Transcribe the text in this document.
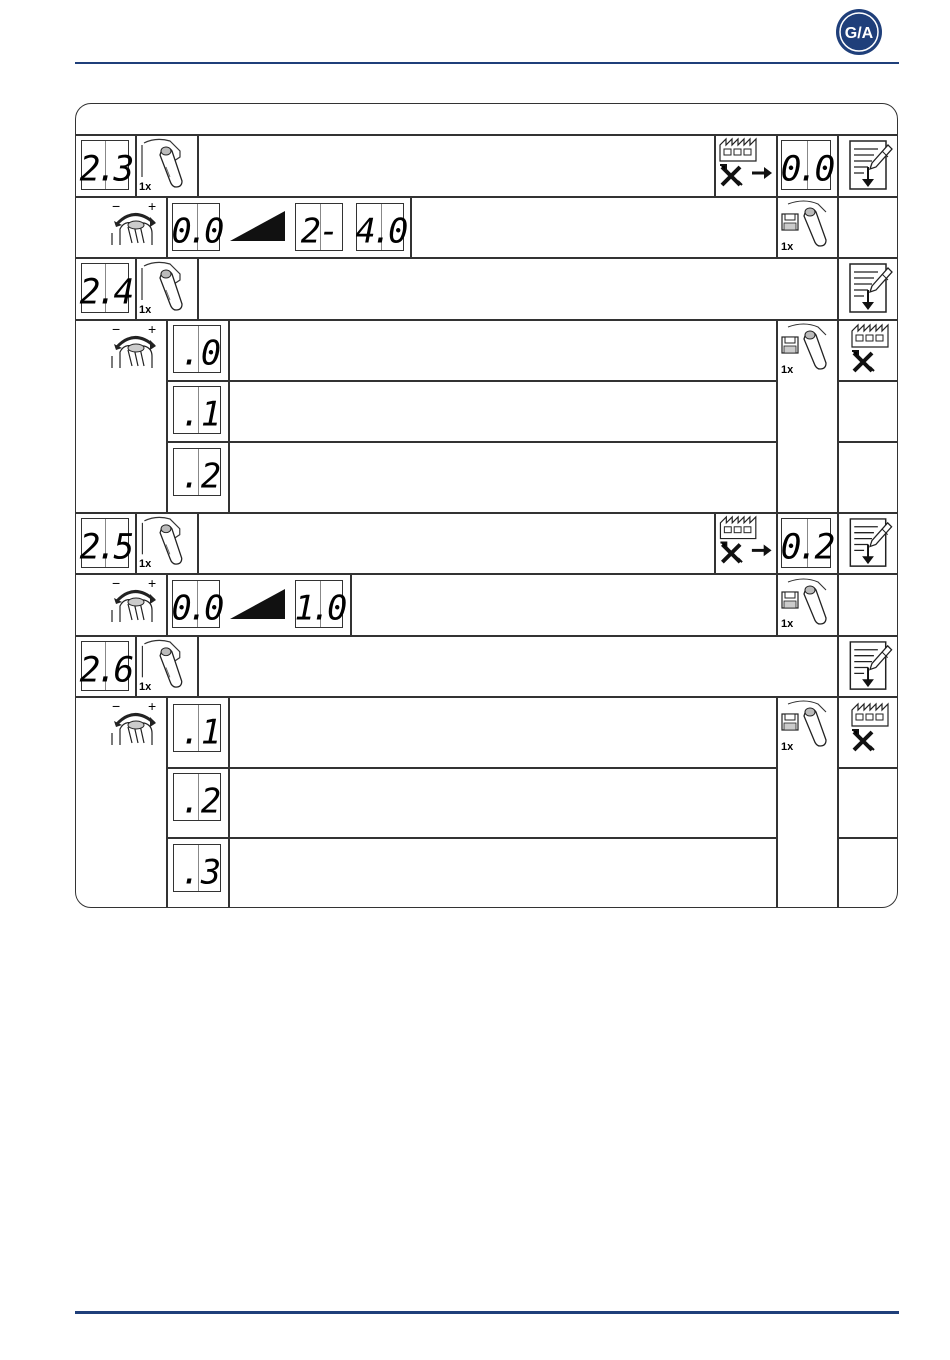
G/A
2.3 1x	0.0
0.0 2- 4.0	1x
2.4 1x
.0
.1
.2
1x
2.5 1x	0.2
0.0 1.0	1x
2.6 1x
.1
.2
.3
1x
